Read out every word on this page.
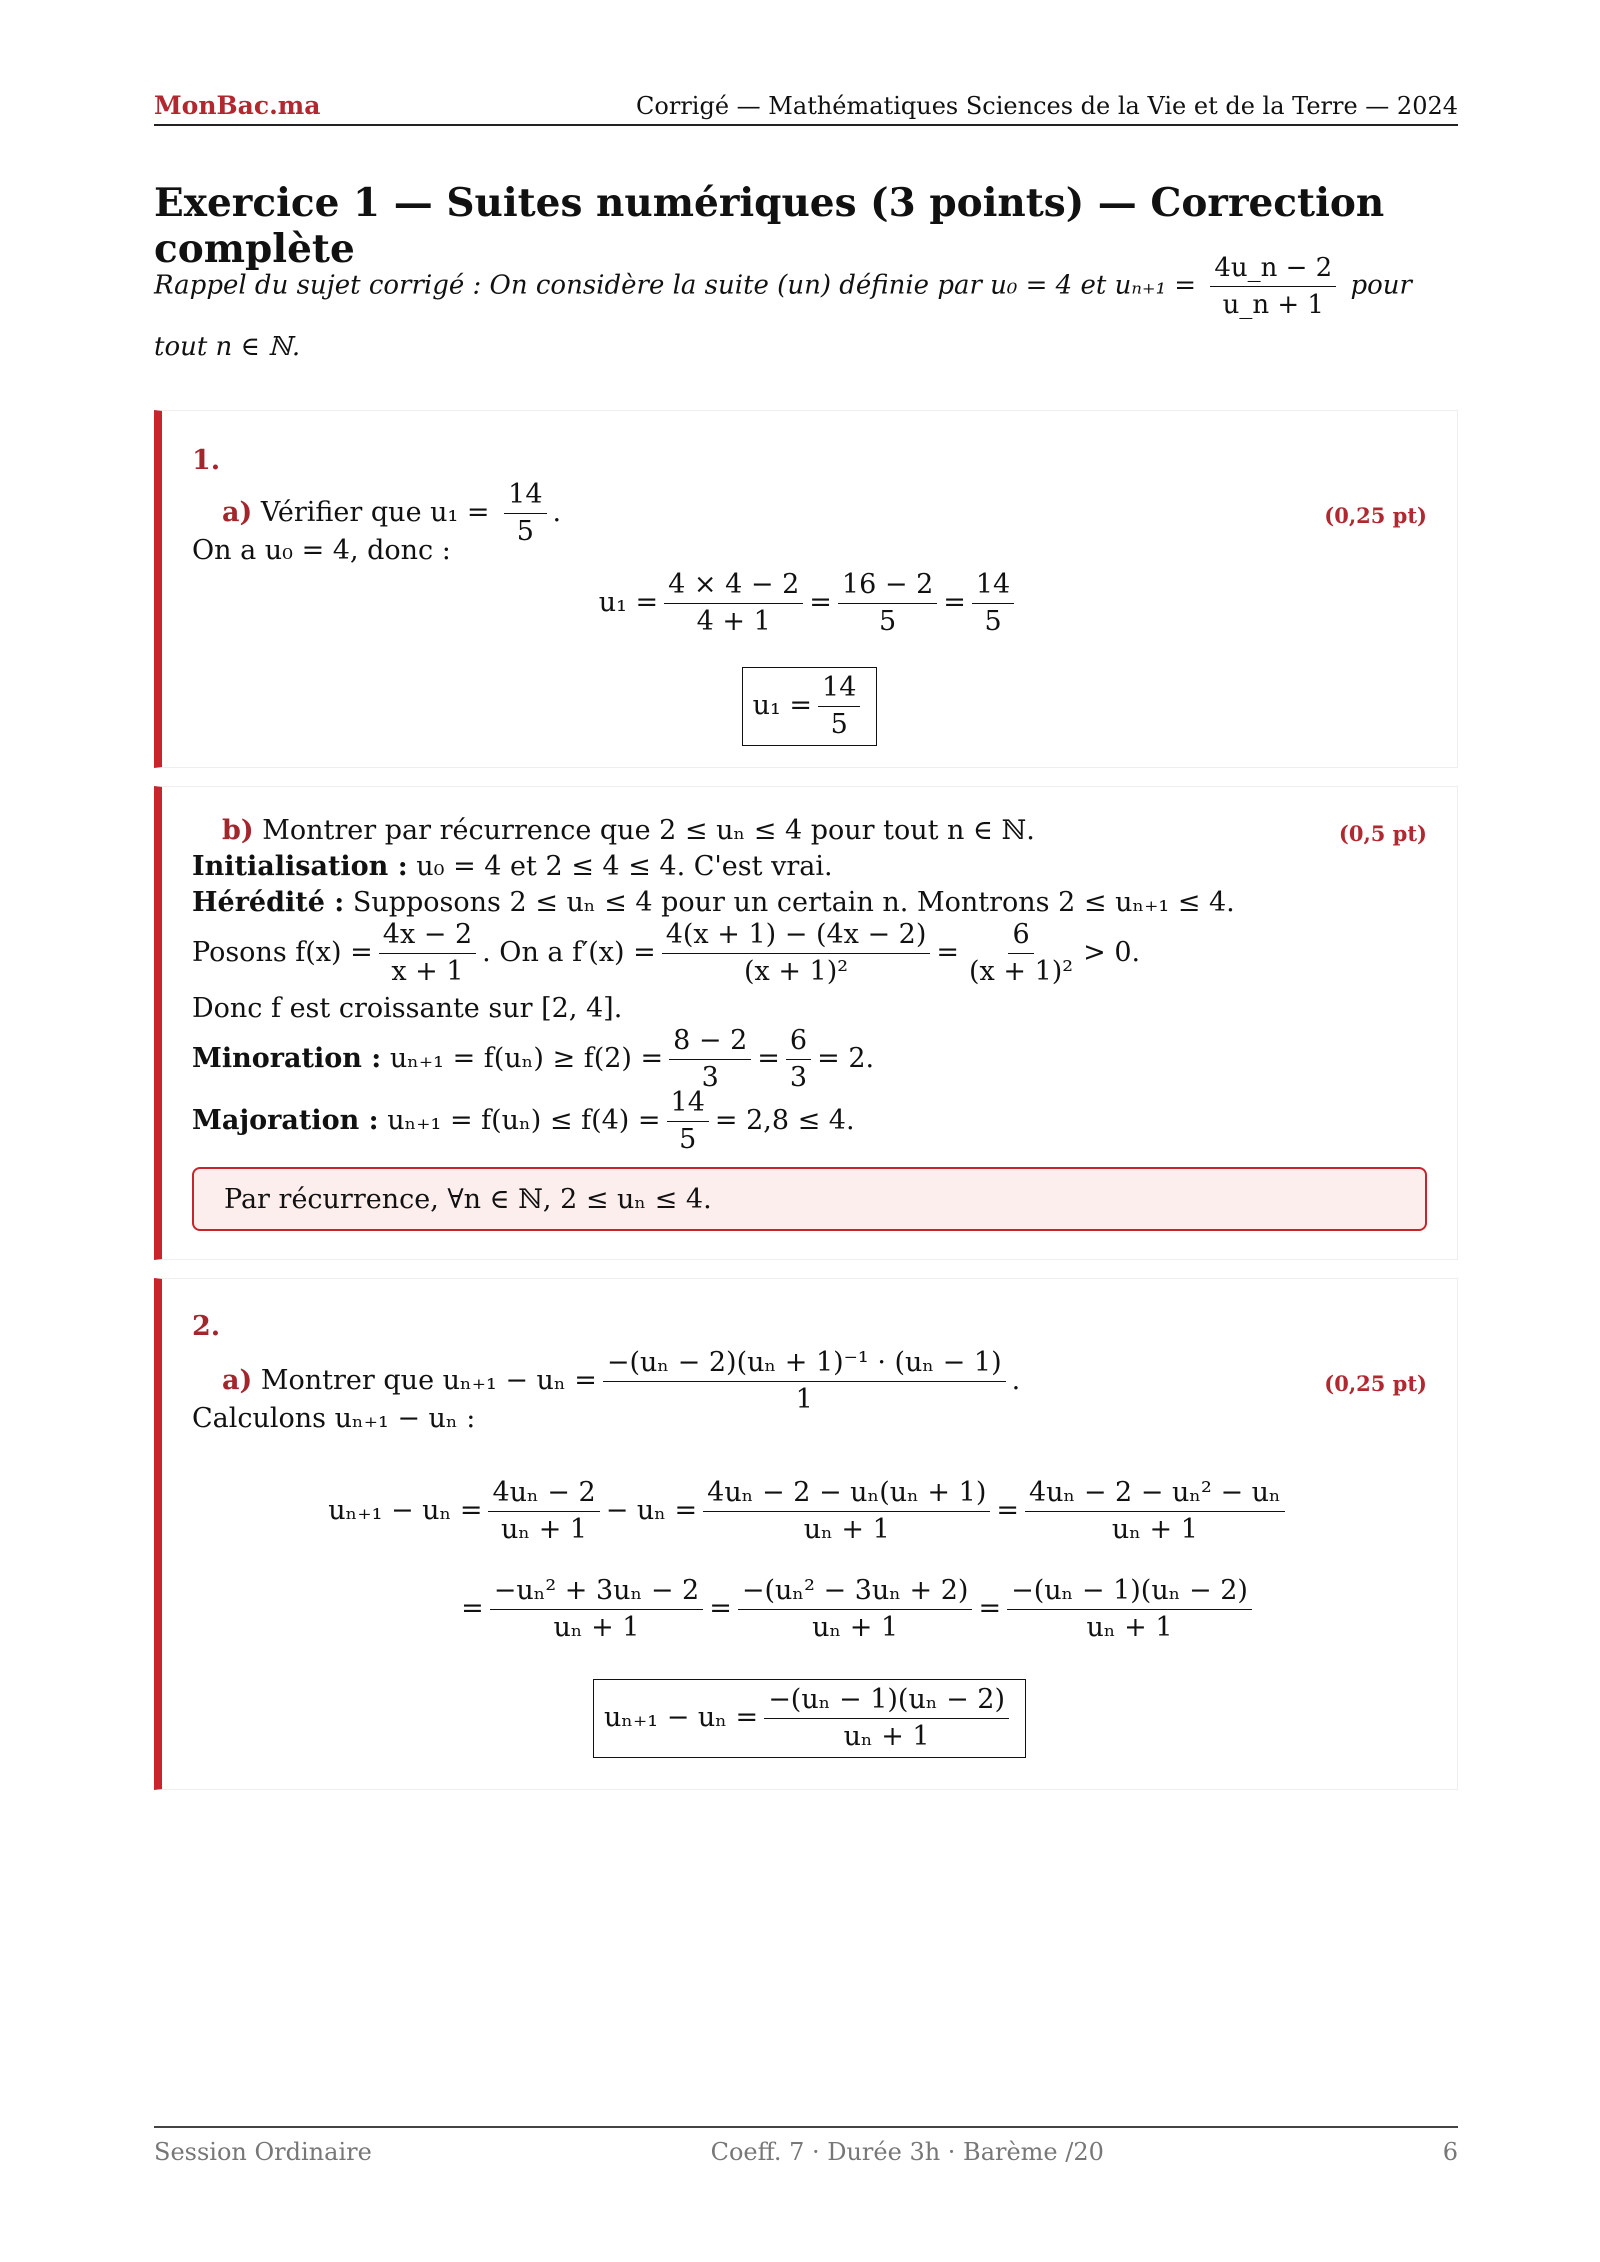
MonBac.ma	Corrigé — Mathématiques Sciences de la Vie et de la Terre — 2024
Exercice 1 — Suites numériques (3 points) — Correction complète
Rappel du sujet corrigé : On considère la suite (un) définie par u₀ = 4 et $u_{n+1} = \frac{4u\_n - 2}{u\_n + 1}$ pour tout n ∈ ℕ.
1.
a) Vérifier que $u_1 = \frac{14}{5}$ .	(0,25 pt)
On a u₀ = 4, donc :
$u_1 = \frac{4 \times 4 - 2}{4 + 1} = \frac{16 - 2}{5} = \frac{14}{5}$
$u_1 = \frac{14}{5}$
b) Montrer par récurrence que 2 ≤ uₙ ≤ 4 pour tout n ∈ ℕ.	(0,5 pt)
Initialisation : u₀ = 4 et 2 ≤ 4 ≤ 4. C'est vrai.
Hérédité : Supposons 2 ≤ uₙ ≤ 4 pour un certain n. Montrons 2 ≤ uₙ₊₁ ≤ 4.
Posons $f(x) = \frac{4x - 2}{x + 1}$ . On a $f'(x) = \frac{4(x + 1) - (4x - 2)}{\text{(x + 1)²}} = \frac{6}{\text{(x + 1)²}} > 0$.
Donc f est croissante sur [2, 4].
Minoration : $u_{n+1} = f(u_n) \ge f(2) = \frac{8 - 2}{3} = \frac{6}{3} = 2$.
Majoration : $u_{n+1} = f(u_n) \le f(4) = \frac{14}{5} = 2,8 \le 4$.
Par récurrence, ∀n ∈ ℕ, 2 ≤ uₙ ≤ 4.
2.
a) Montrer que $u_{n+1} - u_n = \frac{\text{−(uₙ − 2)(uₙ + 1)⁻¹ · (uₙ − 1)}}{1}$ .	(0,25 pt)
Calculons uₙ₊₁ − uₙ :
$u_{n+1} - u_n = \frac{\text{4uₙ − 2}}{\text{uₙ + 1}} - u_n = \frac{\text{4uₙ − 2 − uₙ(uₙ + 1)}}{\text{uₙ + 1}} = \frac{\text{4uₙ − 2 − uₙ² − uₙ}}{\text{uₙ + 1}}$
= $\frac{\text{−uₙ² + 3uₙ − 2}}{\text{uₙ + 1}} = \frac{\text{−(uₙ² − 3uₙ + 2)}}{\text{uₙ + 1}} = \frac{\text{−(uₙ − 1)(uₙ − 2)}}{\text{uₙ + 1}}$
$u_{n+1} - u_n = \frac{\text{−(uₙ − 1)(uₙ − 2)}}{\text{uₙ + 1}}$
Session Ordinaire	Coeff. 7 · Durée 3h · Barème /20	6
